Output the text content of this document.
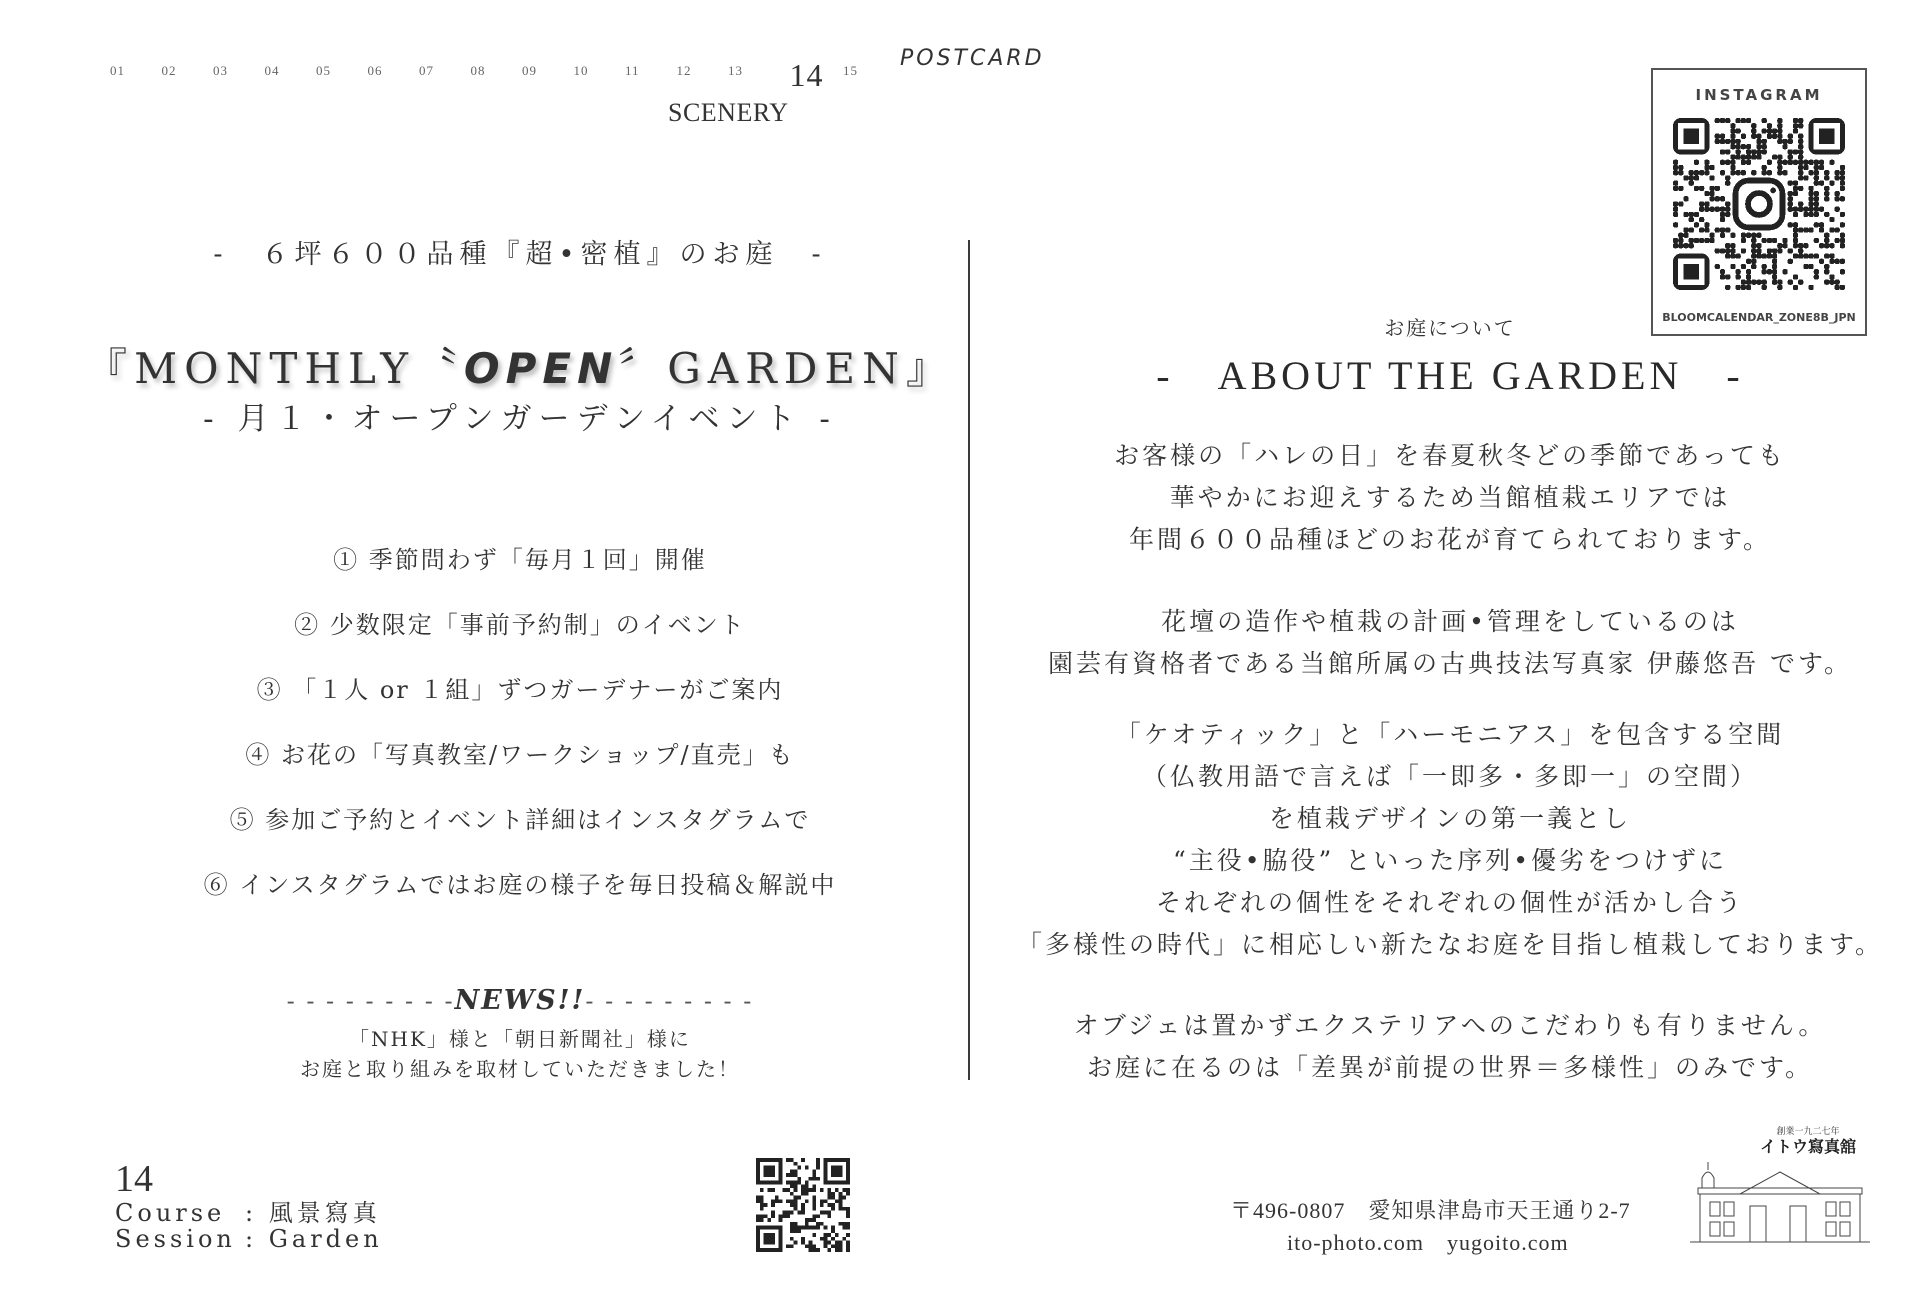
01	02	03	04	05	06	07	08	09	10	11	12	13 14 15
SCENERY
POSTCARD
-　６坪６００品種『超•密植』のお庭　-
『MONTHLY〝OPEN〞GARDEN』
- 月１・オープンガーデンイベント -
① 季節問わず「毎月１回」開催
② 少数限定「事前予約制」のイベント
③ 「１人 or １組」ずつガーデナーがご案内
④ お花の「写真教室/ワークショップ/直売」も
⑤ 参加ご予約とイベント詳細はインスタグラムで
⑥ インスタグラムではお庭の様子を毎日投稿＆解説中
- - - - - - - - -NEWS!!- - - - - - - - -
「NHK」様と「朝日新聞社」様に
お庭と取り組みを取材していただきました！
14
Course : 風景寫真
Session : Garden
お庭について
-　ABOUT THE GARDEN　-
お客様の「ハレの日」を春夏秋冬どの季節であっても
華やかにお迎えするため当館植栽エリアでは
年間６００品種ほどのお花が育てられております。
花壇の造作や植栽の計画•管理をしているのは
園芸有資格者である当館所属の古典技法写真家 伊藤悠吾 です。
「ケオティック」と「ハーモニアス」を包含する空間
（仏教用語で言えば「一即多・多即一」の空間）
を植栽デザインの第一義とし
“主役•脇役” といった序列•優劣をつけずに
それぞれの個性をそれぞれの個性が活かし合う
「多様性の時代」に相応しい新たなお庭を目指し植栽しております。
オブジェは置かずエクステリアへのこだわりも有りません。
お庭に在るのは「差異が前提の世界＝多様性」のみです。
INSTAGRAM
BLOOMCALENDAR_ZONE8B_JPN
〒496-0807　愛知県津島市天王通り2-7
ito-photo.com　yugoito.com
創業一九二七年
イトウ寫真舘
